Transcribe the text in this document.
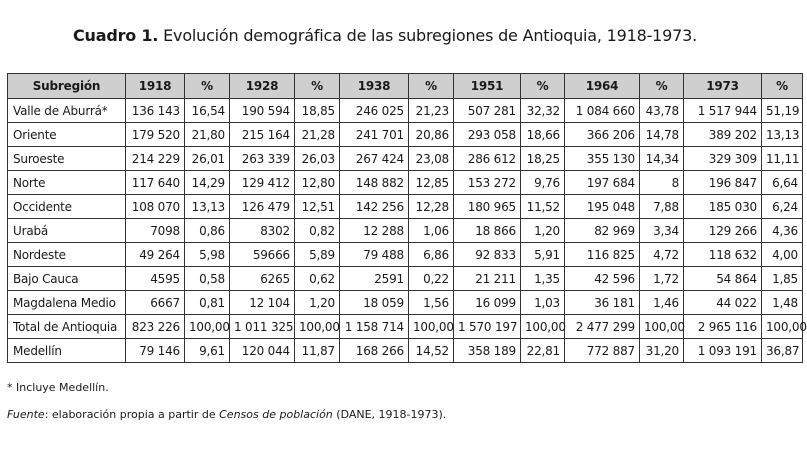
Cuadro 1. Evolución demográfica de las subregiones de Antioquia, 1918-1973.
Subregión	1918	%	1928	%	1938	%	1951	%	1964	%	1973	%
Valle de Aburrá*	136 143	16,54	190 594	18,85	246 025	21,23	507 281	32,32	1 084 660	43,78	1 517 944	51,19
Oriente	179 520	21,80	215 164	21,28	241 701	20,86	293 058	18,66	366 206	14,78	389 202	13,13
Suroeste	214 229	26,01	263 339	26,03	267 424	23,08	286 612	18,25	355 130	14,34	329 309	11,11
Norte	117 640	14,29	129 412	12,80	148 882	12,85	153 272	9,76	197 684	8	196 847	6,64
Occidente	108 070	13,13	126 479	12,51	142 256	12,28	180 965	11,52	195 048	7,88	185 030	6,24
Urabá	7098	0,86	8302	0,82	12 288	1,06	18 866	1,20	82 969	3,34	129 266	4,36
Nordeste	49 264	5,98	59666	5,89	79 488	6,86	92 833	5,91	116 825	4,72	118 632	4,00
Bajo Cauca	4595	0,58	6265	0,62	2591	0,22	21 211	1,35	42 596	1,72	54 864	1,85
Magdalena Medio	6667	0,81	12 104	1,20	18 059	1,56	16 099	1,03	36 181	1,46	44 022	1,48
Total de Antioquia	823 226	100,00	1 011 325	100,00	1 158 714	100,00	1 570 197	100,00	2 477 299	100,00	2 965 116	100,00
Medellín	79 146	9,61	120 044	11,87	168 266	14,52	358 189	22,81	772 887	31,20	1 093 191	36,87
* Incluye Medellín.
Fuente: elaboración propia a partir de Censos de población (DANE, 1918-1973).
